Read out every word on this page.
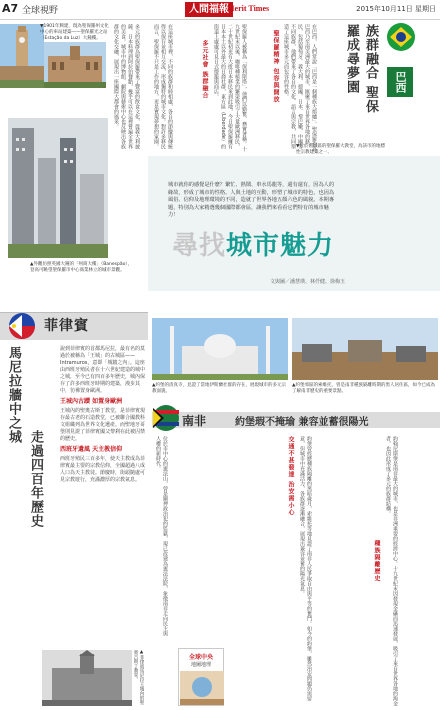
A7 全球視野	人間福報
Merit Times	2015年10月11日 星期日
▼1901年興建，現為聖保羅州文化中心的車站建築——聖保羅光之站（Estação da Luz）大鐘樓。
▲外觀仿照英國大鐘的「州商大樓」（Banespão），登高可眺望聖保羅市中心商業林立的城市景觀。
多元的族群為聖保羅帶來了豐富的飲食文化，從義大利披薩、日本料理到阿拉伯餐點，幾乎可以在這裡嘗遍全世界的美食。城市中的博物館、劇院與藝術中心也反映出各族群的文化交融，展現出一座國際大都會的風采。	在這座城市裡，不同的族群和睦相處，各自的節慶與傳統得以保存並相互交流，形成獨特的城市文化。對許多移民而言，聖保羅不只是工作的地方，更是實現夢想的家園。	多元社會 族群融合	聖保羅人被稱為「保利斯塔」，他們以勤奮、務實著稱。十九世紀末以後，咖啡種植業的繁榮吸引了大量歐洲移民，二十世紀初更有大批日本移民來到此地，今日聖保羅擁有日本本土以外最大的日裔社群，東方區（Liberdade）的街道上處處可見日式燈籠與商店。	聖保羅精神 包容與開放	在巴西，人們常說「巴西是一個種族大熔爐」。聖保羅作為巴西乃至南美洲最大的城市，匯聚了來自世界各地的移民，包括葡萄牙、義大利、德國、日本、黎巴嫩、中國等不同族群，他們帶來了各自的文化、語言與宗教，共同塑造了這座城市多元而包容的性格。	族群融合 聖保羅成尋夢園	巴西
▼位於舊城區的聖保羅大教堂，為該市的地標性宗教建築之一。
城市就你的感覺是什麼？繁忙、熱鬧、車水馬龍等，還有還有，因為人的緣故，形成了城市的性格。人與土地的互動，形塑了城市的特色，也因為風俗、信仰及地理環境的不同，造就了世界各地五顏六色的風貌。本期專題，特別為大家精選幾個國際都會區，讓我們來看看它們特有的城市魅力！
尋找城市魅力
文與圖／潘慧瑛、林仟健、徐梅玉
菲律賓
馬尼拉牆中之城
走過四百年歷史

說到菲律賓的首都馬尼拉，最有名的莫過於被稱為「王城」的古城區——Intramuros，意即「城牆之內」。這座由西班牙殖民者在十六世紀建造的城中之城，至今已有四百多年歷史，城內保存了許多西班牙時期的建築，漫步其中，彷彿置身歐洲。

王城內古蹟 如置身歐洲

王城內的聖奧古斯丁教堂，是菲律賓現存最古老的石造教堂，已被聯合國教科文組織列為世界文化遺產。而聖地牙哥堡則見證了菲律賓國父黎剎在此被囚禁的歷史。

西班牙遺風 天主教信仰

西班牙殖民三百多年，使天主教成為菲律賓最主要的宗教信仰，全國超過八成人口為天主教徒。節慶時，街頭隨處可見宗教遊行，充滿濃厚的宗教氣息。

▲菲律賓馬尼拉王城內的聖奧古斯丁教堂。
▲約堡的清真寺，見證了當地伊斯蘭社群的存在，展現城市的多元宗教面貌。
▲約堡郊區的索維托，曾是南非種族隔離時期的黑人居住區，如今已成為了解南非歷史的重要景點。
南非	約堡瑕不掩瑜 兼容並蓄很陽光
交通不甚發達 治安需小心
種族隔離歷史
位於市中心的憲法山，曾是關押政治犯的監獄，現已改建為憲法法院，象徵南非走向民主與人權的新時代。	約堡曾經歷種族隔離的黑暗歲月，索維托等地見證了南非人民爭取自由與平等的奮鬥。如今的約堡，雖然治安問題仍需留意，但城市中充滿活力，各族群逐漸融合，展現出兼容並蓄的陽光氣息。	約翰尼斯堡是南非最大的城市，也是非洲重要的經濟中心。十九世紀末因發現金礦而迅速發展，吸引了來自世界各地的淘金者，也因此形成了多元的族群結構。
全球中央
地圖地理
